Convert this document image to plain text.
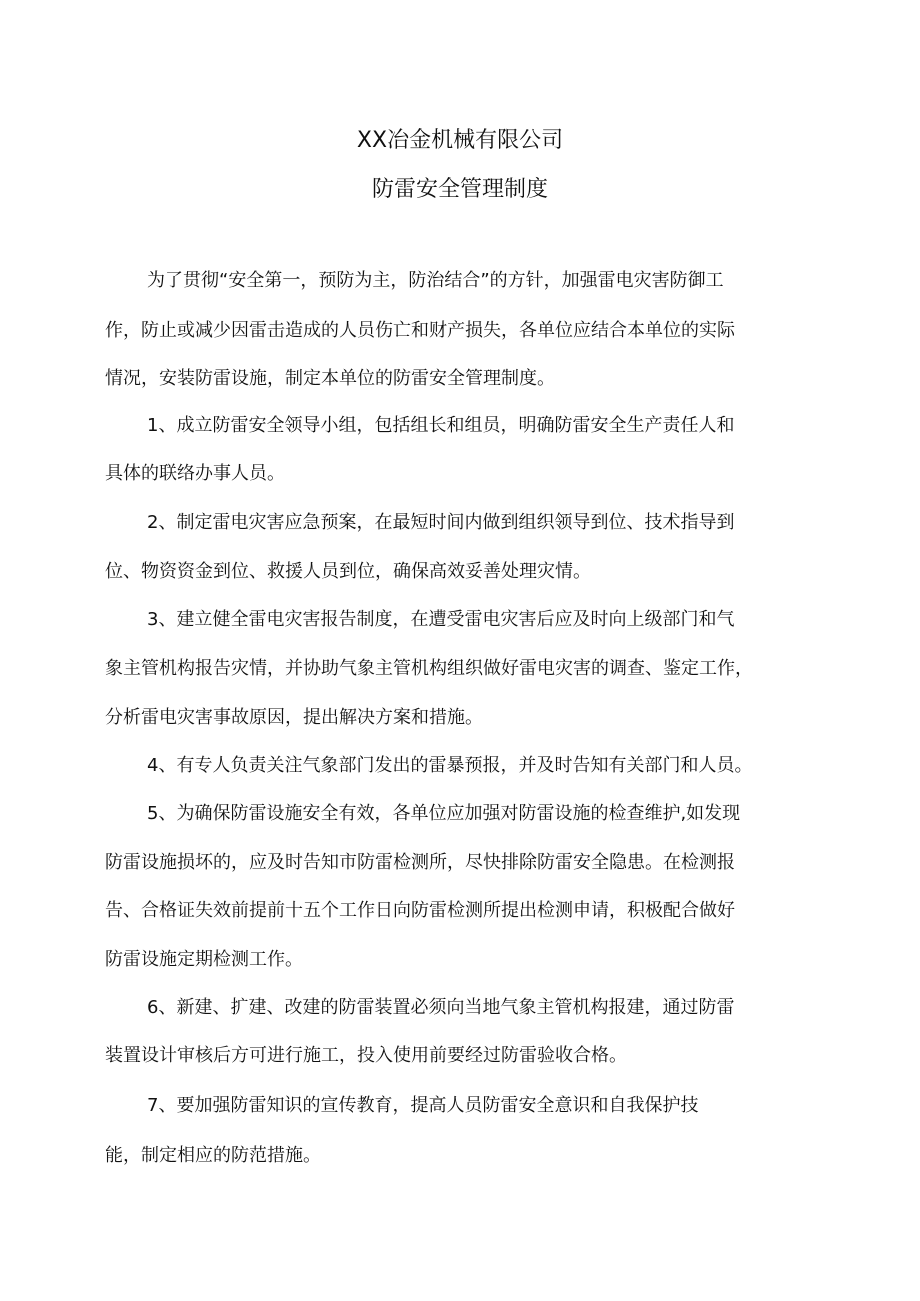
XX冶金机械有限公司
防雷安全管理制度
为了贯彻“安全第一，预防为主，防治结合”的方针，加强雷电灾害防御工
作，防止或减少因雷击造成的人员伤亡和财产损失，各单位应结合本单位的实际
情况，安装防雷设施，制定本单位的防雷安全管理制度。
1、成立防雷安全领导小组，包括组长和组员，明确防雷安全生产责任人和
具体的联络办事人员。
2、制定雷电灾害应急预案，在最短时间内做到组织领导到位、技术指导到
位、物资资金到位、救援人员到位，确保高效妥善处理灾情。
3、建立健全雷电灾害报告制度，在遭受雷电灾害后应及时向上级部门和气
象主管机构报告灾情，并协助气象主管机构组织做好雷电灾害的调查、鉴定工作，
分析雷电灾害事故原因，提出解决方案和措施。
4、有专人负责关注气象部门发出的雷暴预报，并及时告知有关部门和人员。
5、为确保防雷设施安全有效，各单位应加强对防雷设施的检查维护,如发现
防雷设施损坏的，应及时告知市防雷检测所，尽快排除防雷安全隐患。在检测报
告、合格证失效前提前十五个工作日向防雷检测所提出检测申请，积极配合做好
防雷设施定期检测工作。
6、新建、扩建、改建的防雷装置必须向当地气象主管机构报建，通过防雷
装置设计审核后方可进行施工，投入使用前要经过防雷验收合格。
7、要加强防雷知识的宣传教育，提高人员防雷安全意识和自我保护技
能，制定相应的防范措施。
